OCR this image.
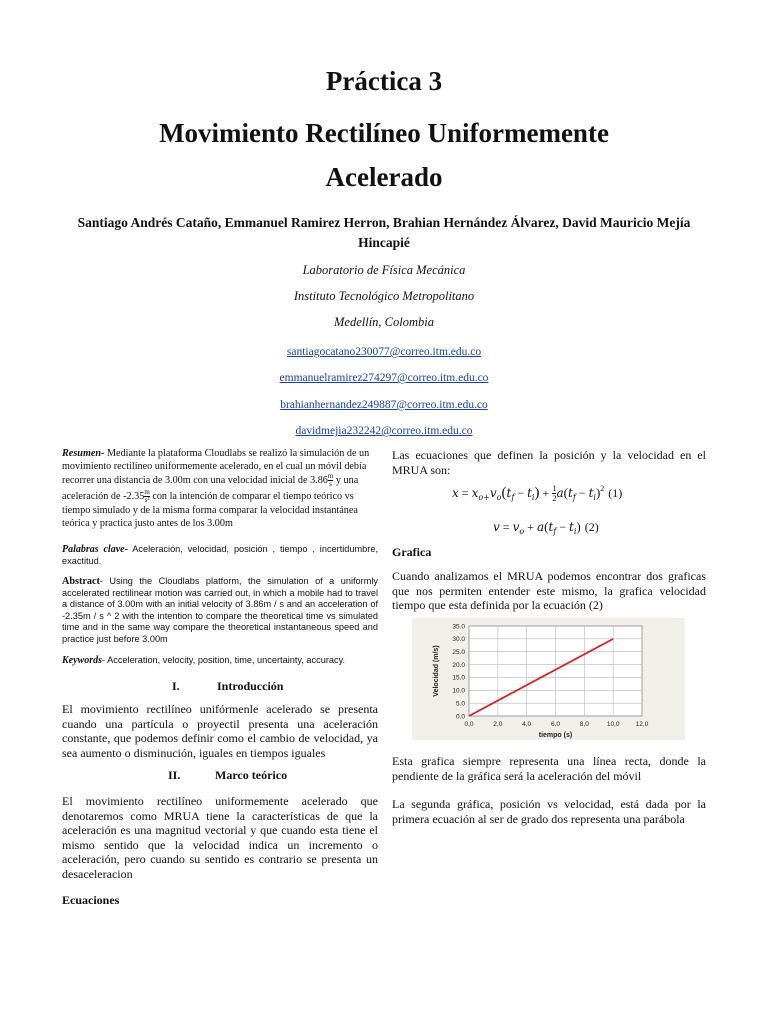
Práctica 3
Movimiento Rectilíneo Uniformemente
Acelerado
Santiago Andrés Cataño, Emmanuel Ramirez Herron, Brahian Hernández Álvarez, David Mauricio Mejía
Hincapié
Laboratorio de Física Mecánica
Instituto Tecnológico Metropolitano
Medellín, Colombia
santiagocatano230077@correo.itm.edu.co
emmanuelramirez274297@correo.itm.edu.co
brahianhernandez249887@correo.itm.edu.co
davidmejia232242@correo.itm.edu.co
Resumen- Mediante la plataforma Cloudlabs se realizó la simulación de un
movimiento rectilíneo uniformemente acelerado, en el cual un móvil debía
recorrer una distancia de 3.00m con una velocidad inicial de $3.86 \frac{m}{s}$ y una
aceleración de $-2.35 \frac{m}{\text{s²}}$ con la intención de comparar el tiempo teórico vs
tiempo simulado y de la misma forma comparar la velocidad instantánea
teórica y practica justo antes de los 3.00m
Palabras clave- Aceleración, velocidad, posición , tiempo , incertidumbre, exactitud.
Abstract- Using the Cloudlabs platform, the simulation of a uniformly accelerated rectilinear motion was carried out, in which a mobile had to travel a distance of 3.00m with an initial velocity of 3.86m / s and an acceleration of -2.35m / s ^ 2 with the intention to compare the theoretical time vs simulated time and in the same way compare the theoretical instantaneous speed and practice just before 3.00m
Keywords- Acceleration, velocity, position, time, uncertainty, accuracy.
I.	Introducción
El movimiento rectilíneo unifórmenle acelerado se presenta cuando una partícula o proyectil presenta una aceleración constante, que podemos definir como el cambio de velocidad, ya sea aumento o disminución, iguales en tiempos iguales
II.	Marco teórico
El movimiento rectilíneo uniformemente acelerado que denotaremos como MRUA tiene la características de que la aceleración es una magnitud vectorial y que cuando esta tiene el mismo sentido que la velocidad indica un incremento o aceleración, pero cuando su sentido es contrario se presenta un desaceleracion
Ecuaciones
Las ecuaciones que definen la posición y la velocidad en el MRUA son:
$x = xo+vo(tf - ti) + \frac{1}{2} a(tf - ti)^2$ (1)
v = vo + a(tf − ti) (2)
Grafica
Cuando analizamos el MRUA podemos encontrar dos graficas que nos permiten entender este mismo, la grafica velocidad tiempo que esta definida por la ecuación (2)
0,0	2,0	4,0	6,0	8,0	10,0 12,0
0.0
5.0
10.0
15.0
20.0
25.0
30.0
35.0
tiempo (s)
Velocidad (m/s)
Esta grafica siempre representa una línea recta, donde la pendiente de la gráfica será la aceleración del móvil
La segunda gráfica, posición vs velocidad, está dada por la primera ecuación al ser de grado dos representa una parábola
